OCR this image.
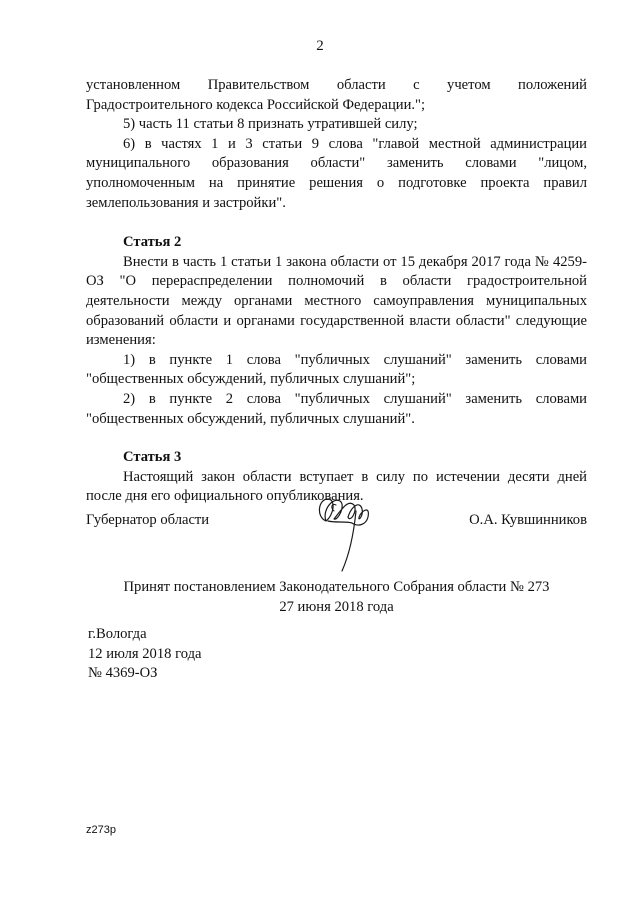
2

установленном Правительством области с учетом положений Градостроительного кодекса Российской Федерации.";

5) часть 11 статьи 8 признать утратившей силу;

6) в частях 1 и 3 статьи 9 слова "главой местной администрации муниципального образования области" заменить словами "лицом, уполномоченным на принятие решения о подготовке проекта правил землепользования и застройки".

Статья 2

Внести в часть 1 статьи 1 закона области от 15 декабря 2017 года № 4259-ОЗ "О перераспределении полномочий в области градостроительной деятельности между органами местного самоуправления муниципальных образований области и органами государственной власти области" следующие изменения:

1) в пункте 1 слова "публичных слушаний" заменить словами "общественных обсуждений, публичных слушаний";

2) в пункте 2 слова "публичных слушаний" заменить словами "общественных обсуждений, публичных слушаний".

Статья 3

Настоящий закон области вступает в силу по истечении десяти дней после дня его официального опубликования.

Губернатор области	О.А. Кувшинников

Принят постановлением Законодательного Собрания области № 273

27 июня 2018 года

г.Вологда

12 июля 2018 года

№ 4369-ОЗ

z273p
